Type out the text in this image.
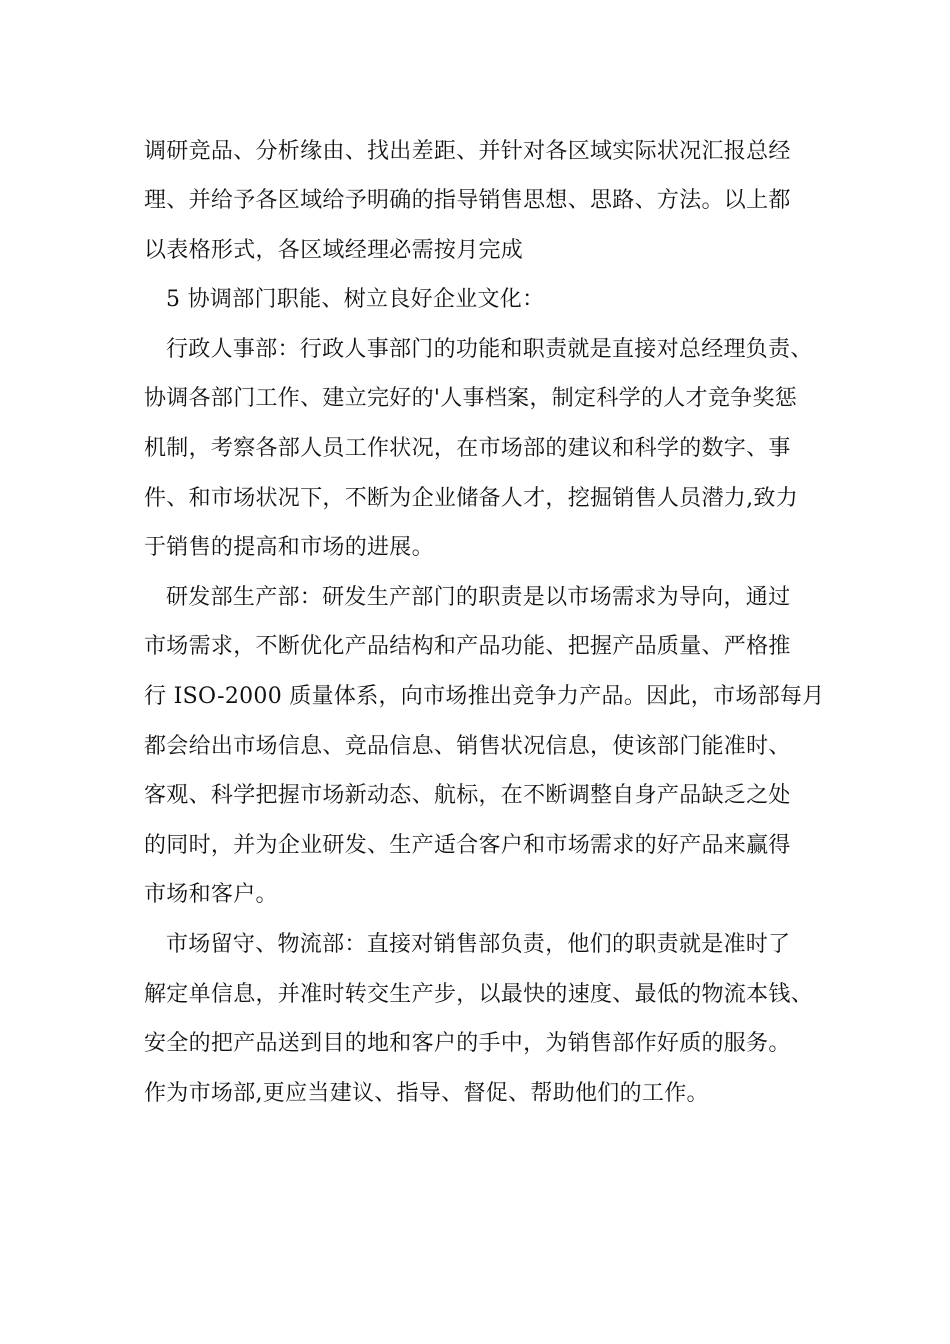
调研竞品、分析缘由、找出差距、并针对各区域实际状况汇报总经
理、并给予各区域给予明确的指导销售思想、思路、方法。以上都
以表格形式，各区域经理必需按月完成
5 协调部门职能、树立良好企业文化：
行政人事部：行政人事部门的功能和职责就是直接对总经理负责、
协调各部门工作、建立完好的'人事档案，制定科学的人才竞争奖惩
机制，考察各部人员工作状况，在市场部的建议和科学的数字、事
件、和市场状况下，不断为企业储备人才，挖掘销售人员潜力,致力
于销售的提高和市场的进展。
研发部生产部：研发生产部门的职责是以市场需求为导向，通过
市场需求，不断优化产品结构和产品功能、把握产品质量、严格推
行 ISO-2000 质量体系，向市场推出竞争力产品。因此，市场部每月
都会给出市场信息、竞品信息、销售状况信息，使该部门能准时、
客观、科学把握市场新动态、航标，在不断调整自身产品缺乏之处
的同时，并为企业研发、生产适合客户和市场需求的好产品来赢得
市场和客户。
市场留守、物流部：直接对销售部负责，他们的职责就是准时了
解定单信息，并准时转交生产步，以最快的速度、最低的物流本钱、
安全的把产品送到目的地和客户的手中，为销售部作好质的服务。
作为市场部,更应当建议、指导、督促、帮助他们的工作。
